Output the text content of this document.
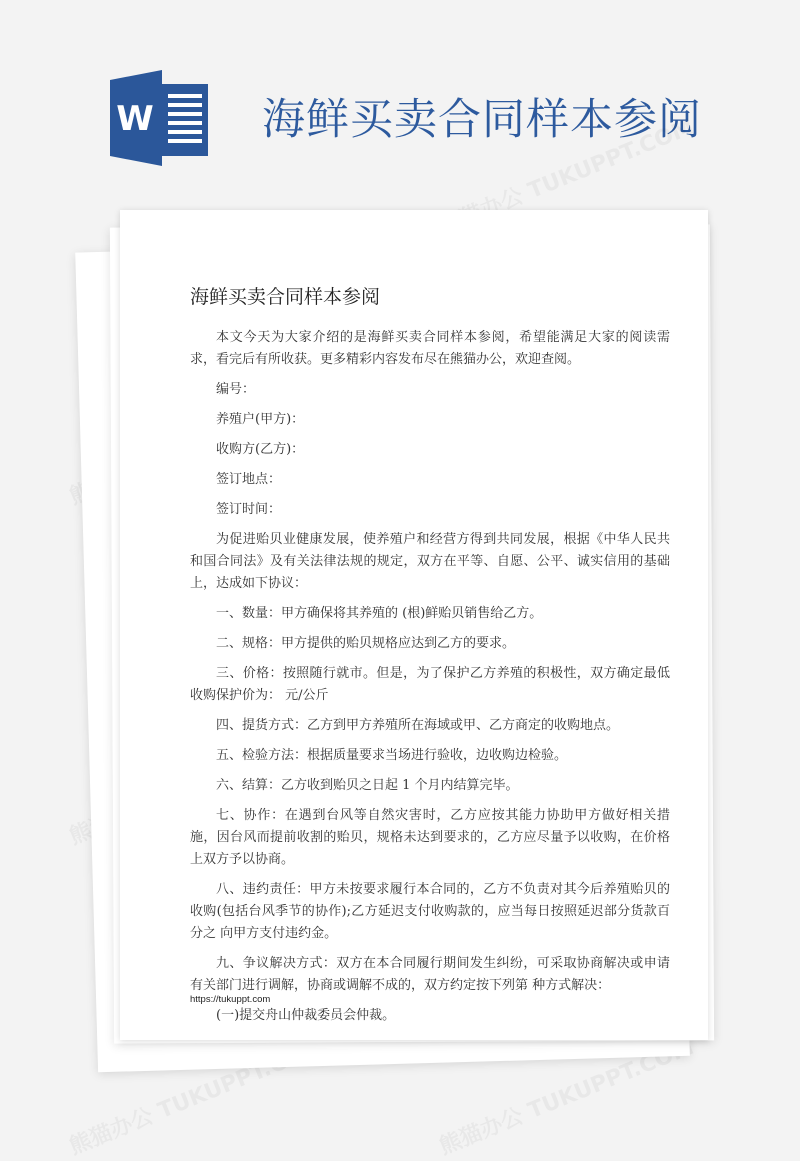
W	海鲜买卖合同样本参阅
海鲜买卖合同样本参阅

本文今天为大家介绍的是海鲜买卖合同样本参阅，希望能满足大家的阅读需求，看完后有所收获。更多精彩内容发布尽在熊猫办公，欢迎查阅。

编号：

养殖户(甲方)：

收购方(乙方)：

签订地点：

签订时间：

为促进贻贝业健康发展，使养殖户和经营方得到共同发展，根据《中华人民共和国合同法》及有关法律法规的规定，双方在平等、自愿、公平、诚实信用的基础上，达成如下协议：

一、数量：甲方确保将其养殖的 (根)鲜贻贝销售给乙方。

二、规格：甲方提供的贻贝规格应达到乙方的要求。

三、价格：按照随行就市。但是，为了保护乙方养殖的积极性，双方确定最低收购保护价为： 元/公斤

四、提货方式：乙方到甲方养殖所在海域或甲、乙方商定的收购地点。

五、检验方法：根据质量要求当场进行验收，边收购边检验。

六、结算：乙方收到贻贝之日起 1 个月内结算完毕。

七、协作：在遇到台风等自然灾害时，乙方应按其能力协助甲方做好相关措施，因台风而提前收割的贻贝，规格未达到要求的，乙方应尽量予以收购，在价格上双方予以协商。

八、违约责任：甲方未按要求履行本合同的，乙方不负责对其今后养殖贻贝的收购(包括台风季节的协作);乙方延迟支付收购款的，应当每日按照延迟部分货款百分之 向甲方支付违约金。

九、争议解决方式：双方在本合同履行期间发生纠纷，可采取协商解决或申请有关部门进行调解，协商或调解不成的，双方约定按下列第 种方式解决：

(一)提交舟山仲裁委员会仲裁。

https://tukuppt.com
